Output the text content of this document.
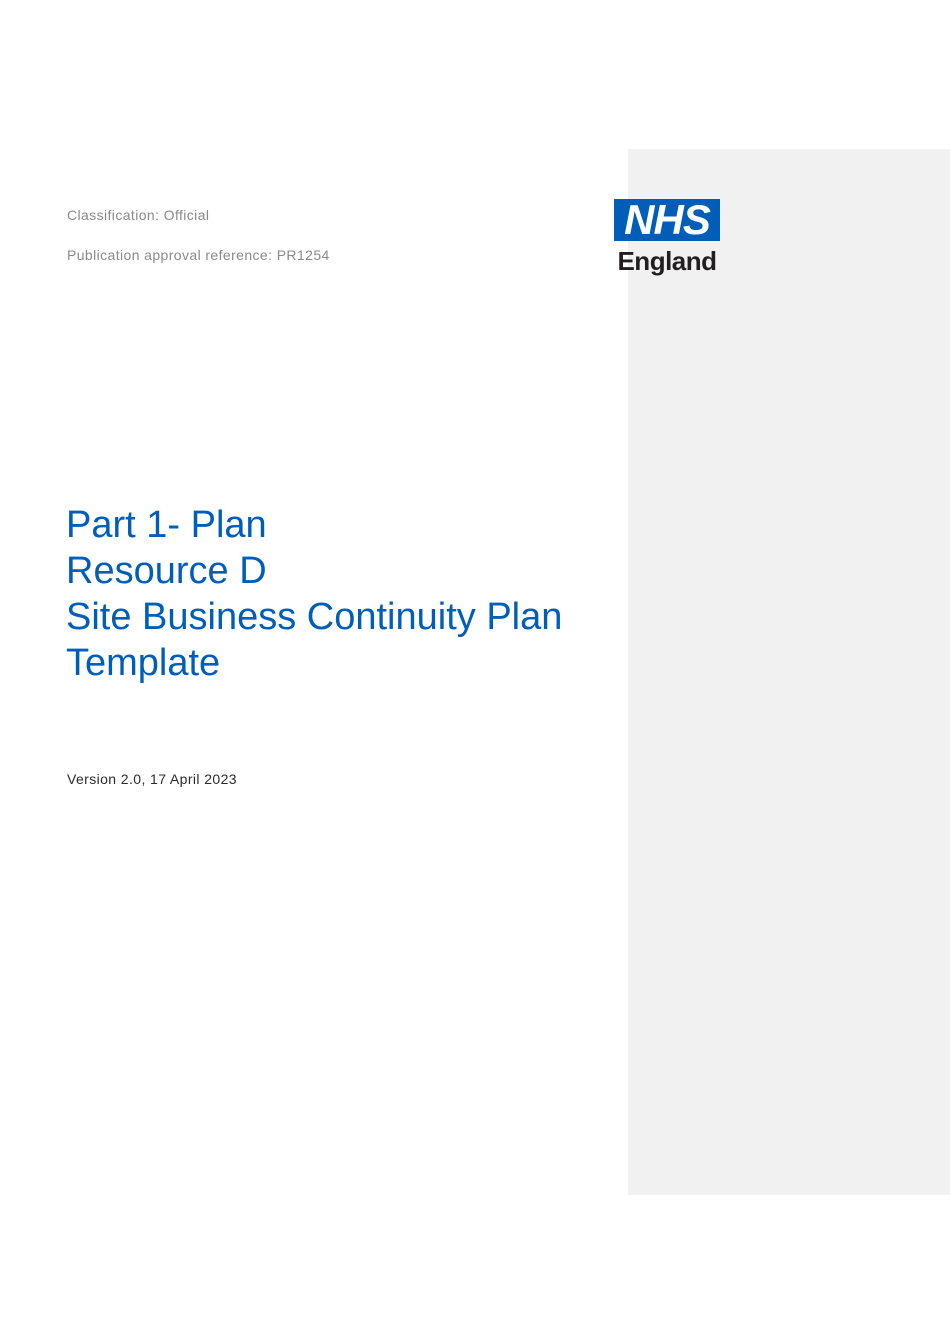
Classification: Official
Publication approval reference: PR1254
NHS
England
Part 1- Plan
Resource D
Site Business Continuity Plan
Template
Version 2.0, 17 April 2023
